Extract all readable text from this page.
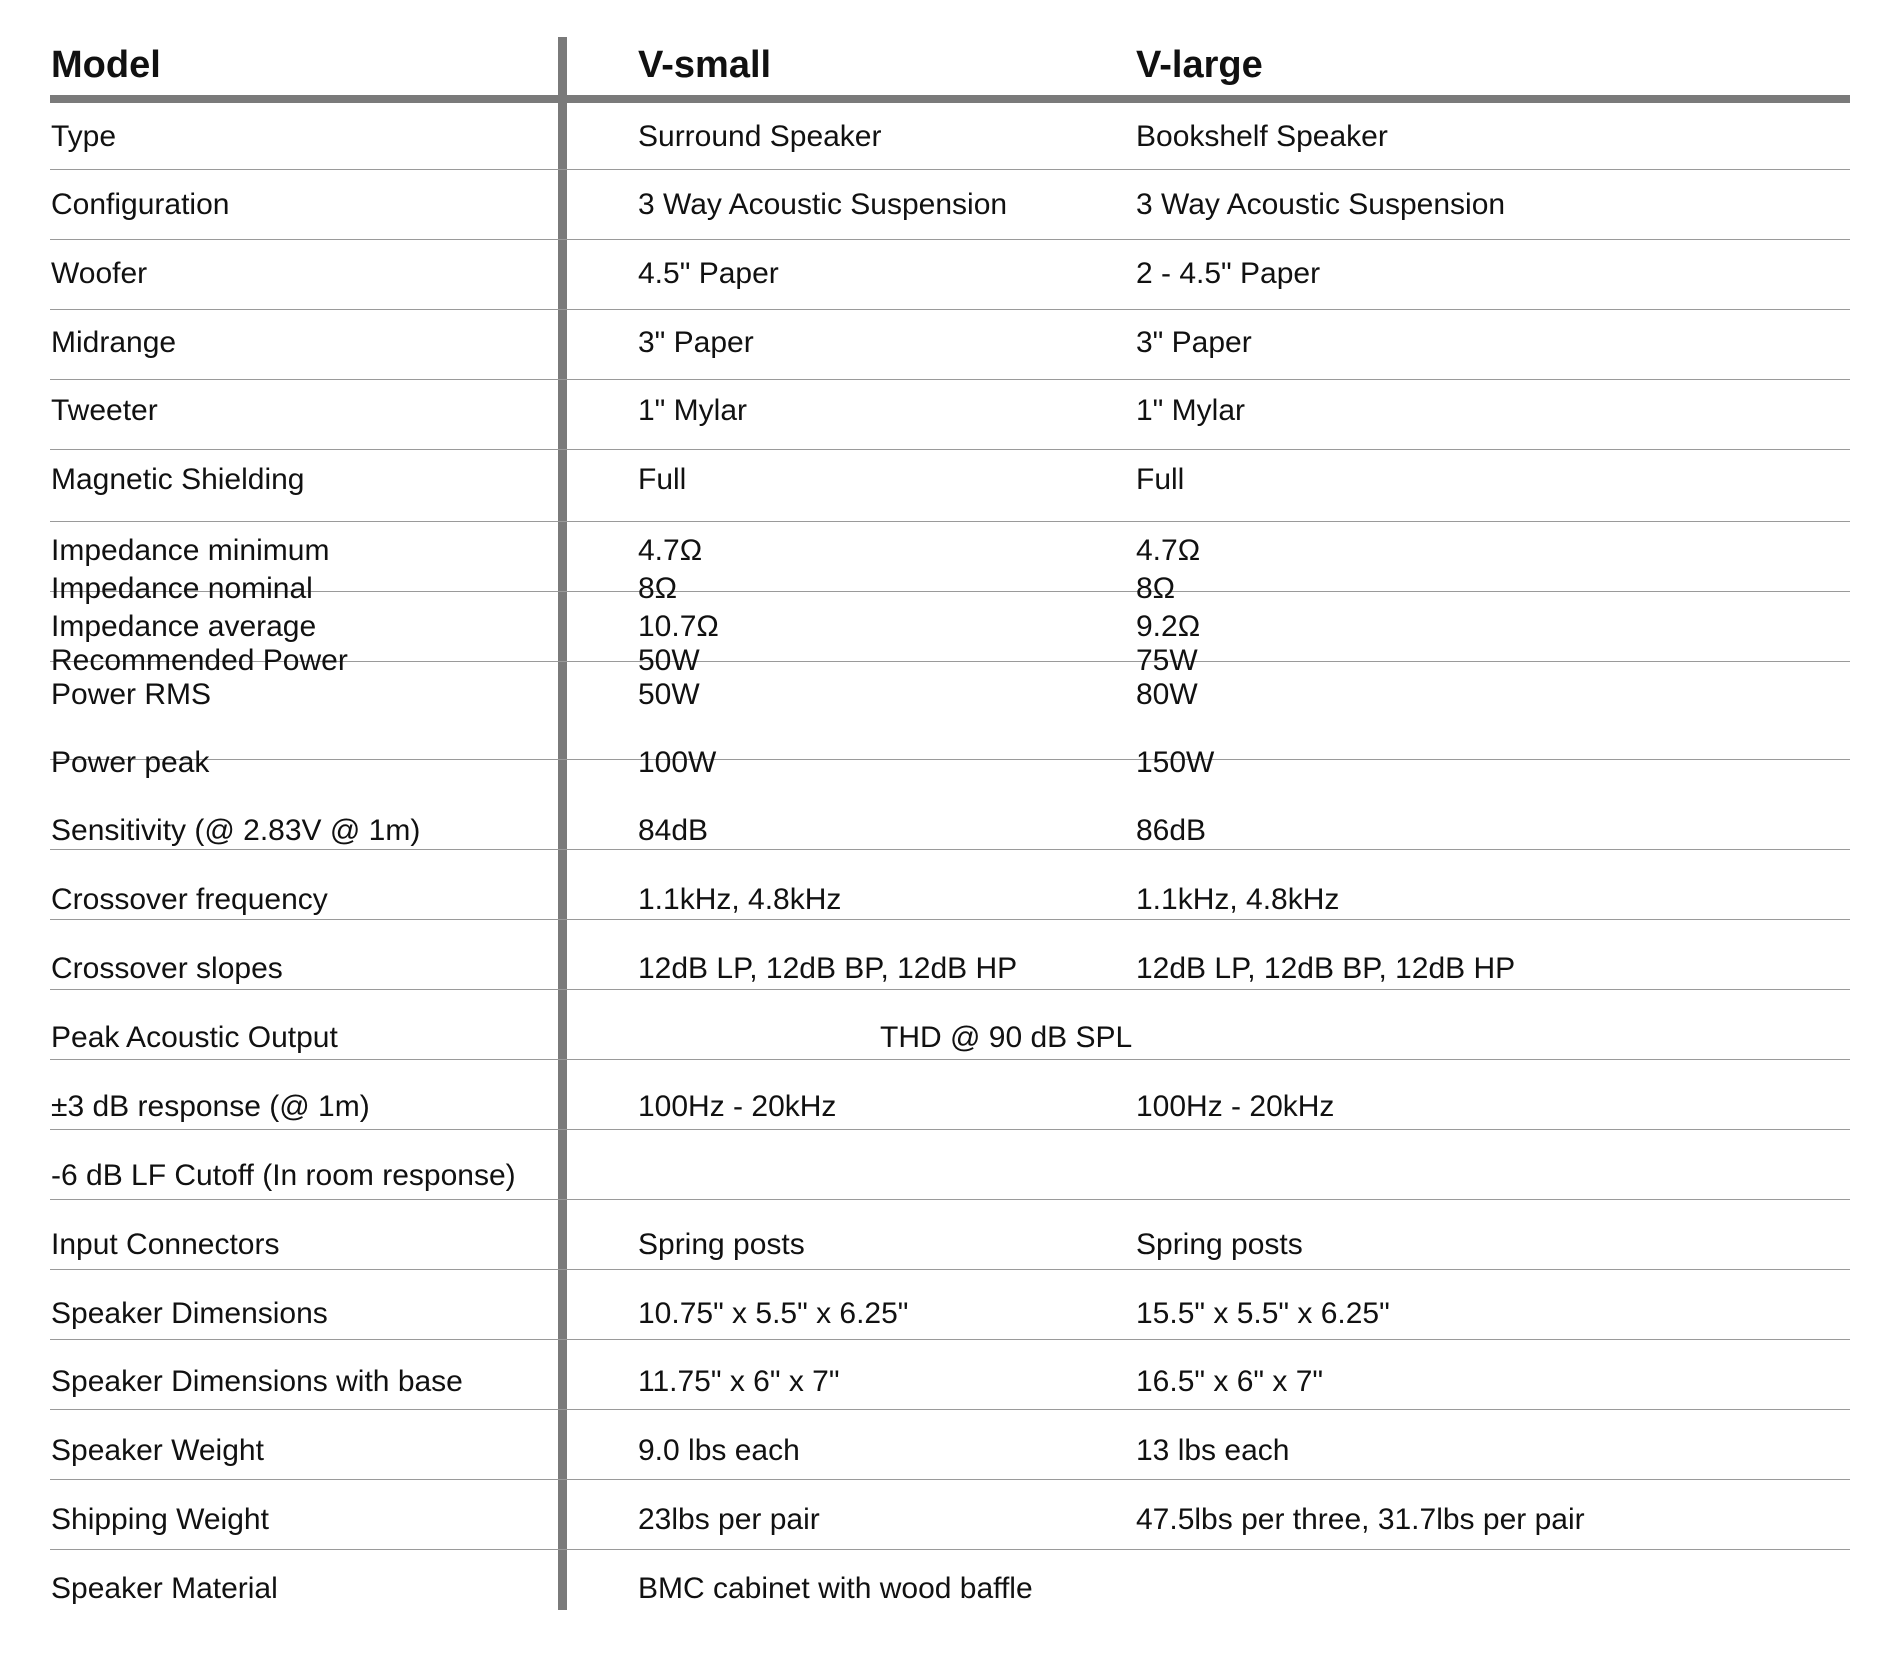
Model	V-small	V-large
Type	Surround Speaker	Bookshelf Speaker
Configuration	3 Way Acoustic Suspension	3 Way Acoustic Suspension
Woofer	4.5" Paper	2 - 4.5" Paper
Midrange	3" Paper	3" Paper
Tweeter	1" Mylar	1" Mylar
Magnetic Shielding	Full	Full
Impedance minimum	4.7Ω	4.7Ω
Impedance nominal	8Ω	8Ω
Impedance average	10.7Ω	9.2Ω
Recommended Power	50W	75W
Power RMS	50W	80W
Power peak	100W	150W
Sensitivity (@ 2.83V @ 1m)	84dB	86dB
Crossover frequency	1.1kHz, 4.8kHz	1.1kHz, 4.8kHz
Crossover slopes	12dB LP, 12dB BP, 12dB HP	12dB LP, 12dB BP, 12dB HP
Peak Acoustic Output	THD @ 90 dB SPL
±3 dB response (@ 1m)	100Hz - 20kHz	100Hz - 20kHz
-6 dB LF Cutoff (In room response)
Input Connectors	Spring posts	Spring posts
Speaker Dimensions	10.75" x 5.5" x 6.25"	15.5" x 5.5" x 6.25"
Speaker Dimensions with base	11.75" x 6" x 7"	16.5" x 6" x 7"
Speaker Weight	9.0 lbs each	13 lbs each
Shipping Weight	23lbs per pair	47.5lbs per three, 31.7lbs per pair
Speaker Material	BMC cabinet with wood baffle
